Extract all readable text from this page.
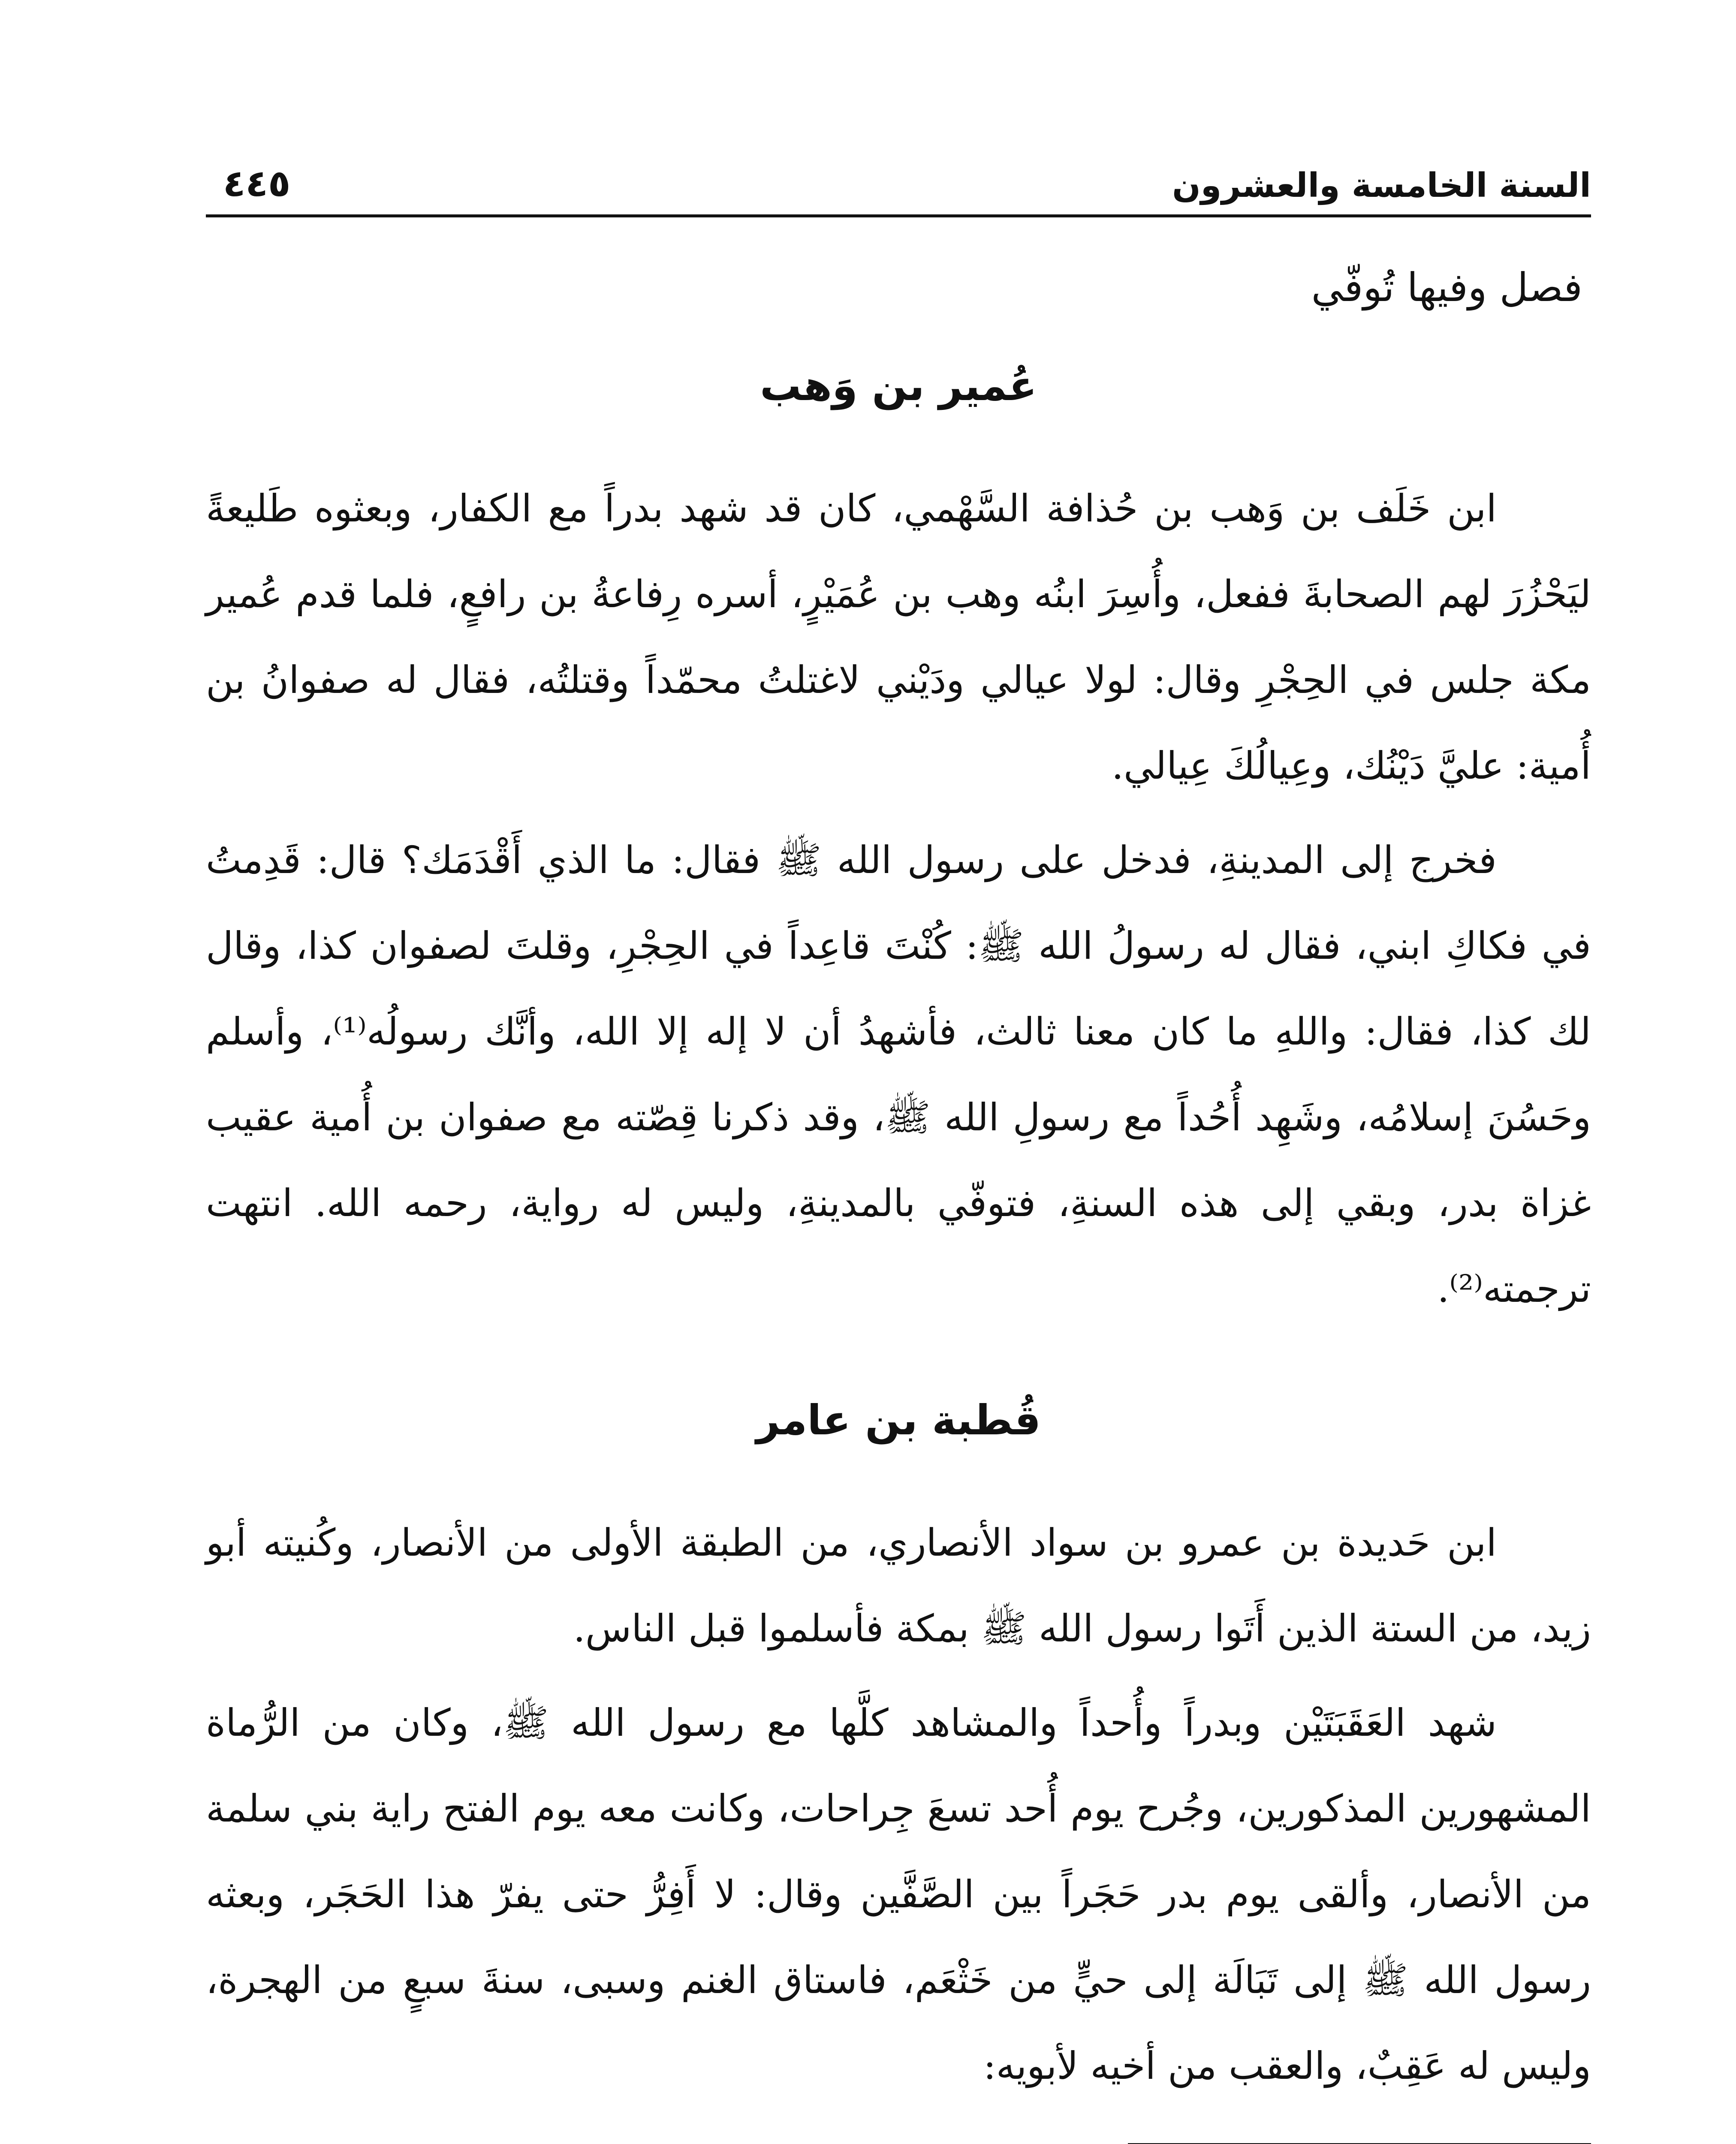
السنة الخامسة والعشرون
٤٤٥
فصل وفيها تُوفّي
عُمير بن وَهب

ابن خَلَف بن وَهب بن حُذافة السَّهْمي، كان قد شهد بدراً مع الكفار، وبعثوه طَليعةً ليَحْزُرَ لهم الصحابةَ ففعل، وأُسِرَ ابنُه وهب بن عُمَيْرٍ، أسره رِفاعةُ بن رافعٍ، فلما قدم عُمير مكة جلس في الحِجْرِ وقال: لولا عيالي ودَيْني لاغتلتُ محمّداً وقتلتُه، فقال له صفوانُ بن أُمية: عليَّ دَيْنُك، وعِيالُكَ عِيالي.

فخرج إلى المدينةِ، فدخل على رسول الله ﷺ فقال: ما الذي أَقْدَمَك؟ قال: قَدِمتُ في فكاكِ ابني، فقال له رسولُ الله ﷺ: كُنْتَ قاعِداً في الحِجْرِ، وقلتَ لصفوان كذا، وقال لك كذا، فقال: واللهِ ما كان معنا ثالث، فأشهدُ أن لا إله إلا الله، وأنَّك رسولُه⁽¹⁾، وأسلم وحَسُنَ إسلامُه، وشَهِد أُحُداً مع رسولِ الله ﷺ، وقد ذكرنا قِصّته مع صفوان بن أُمية عقيب غزاة بدر، وبقي إلى هذه السنةِ، فتوفّي بالمدينةِ، وليس له رواية، رحمه الله. انتهت ترجمته⁽²⁾.

قُطبة بن عامر

ابن حَديدة بن عمرو بن سواد الأنصاري، من الطبقة الأولى من الأنصار، وكُنيته أبو زيد، من الستة الذين أَتَوا رسول الله ﷺ بمكة فأسلموا قبل الناس.

شهد العَقَبَتَيْن وبدراً وأُحداً والمشاهد كلَّها مع رسول الله ﷺ، وكان من الرُّماة المشهورين المذكورين، وجُرح يوم أُحد تسعَ جِراحات، وكانت معه يوم الفتح راية بني سلمة من الأنصار، وألقى يوم بدر حَجَراً بين الصَّفَّين وقال: لا أَفِرُّ حتى يفرّ هذا الحَجَر، وبعثه رسول الله ﷺ إلى تَبَالَة إلى حيٍّ من خَثْعَم، فاستاق الغنم وسبى، سنةَ سبعٍ من الهجرة، وليس له عَقِبٌ، والعقب من أخيه لأبويه:
